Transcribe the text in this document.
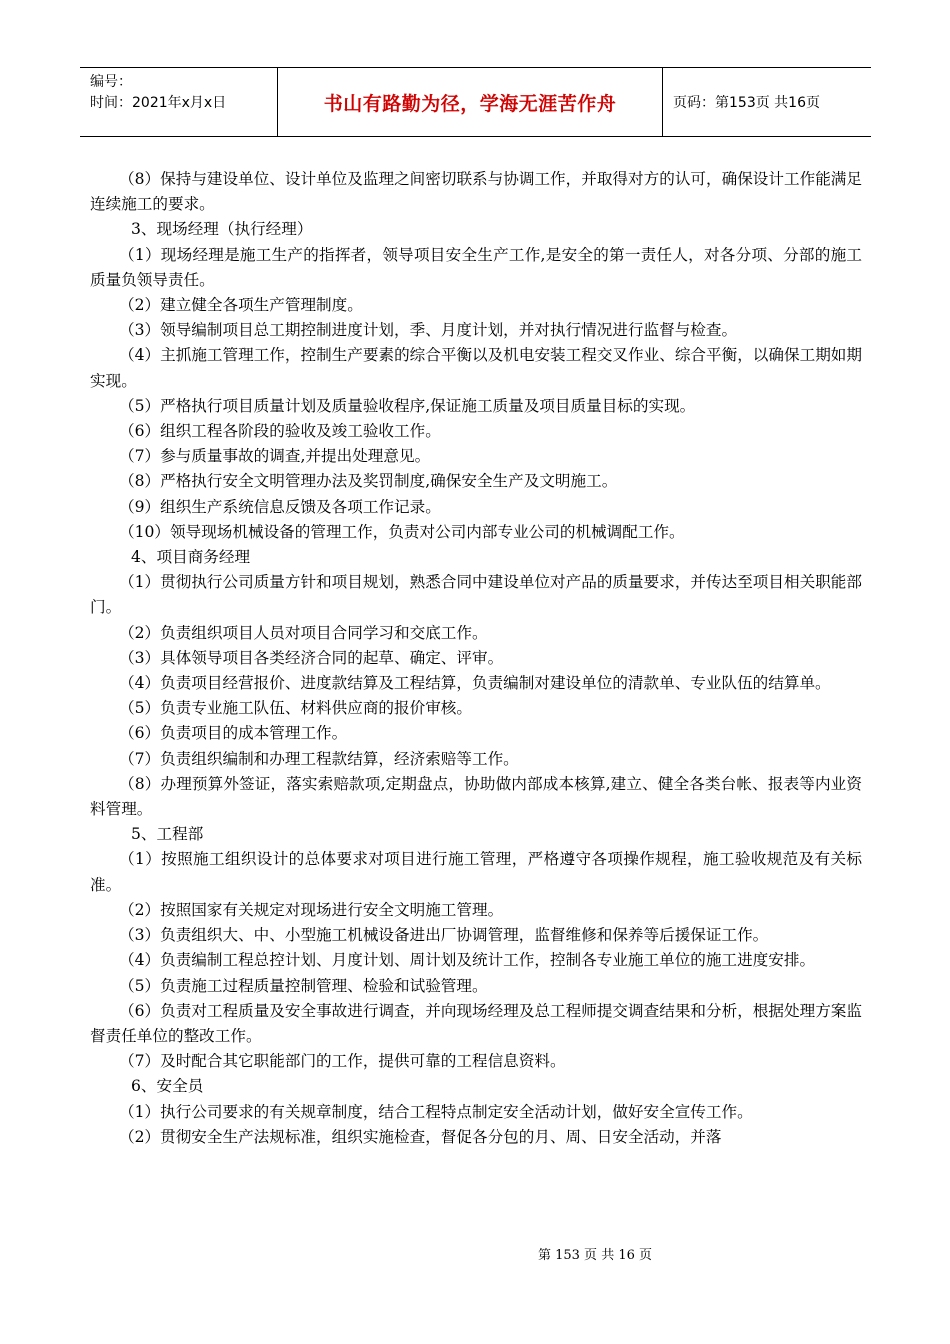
编号：
时间：2021年x月x日	书山有路勤为径，学海无涯苦作舟	页码：第153页 共16页

（8）保持与建设单位、设计单位及监理之间密切联系与协调工作，并取得对方的认可，确保设计工作能满足连续施工的要求。

3、现场经理（执行经理）

（1）现场经理是施工生产的指挥者，领导项目安全生产工作,是安全的第一责任人，对各分项、分部的施工质量负领导责任。

（2）建立健全各项生产管理制度。

（3）领导编制项目总工期控制进度计划，季、月度计划，并对执行情况进行监督与检查。

（4）主抓施工管理工作，控制生产要素的综合平衡以及机电安装工程交叉作业、综合平衡，以确保工期如期实现。

（5）严格执行项目质量计划及质量验收程序,保证施工质量及项目质量目标的实现。

（6）组织工程各阶段的验收及竣工验收工作。

（7）参与质量事故的调查,并提出处理意见。

（8）严格执行安全文明管理办法及奖罚制度,确保安全生产及文明施工。

（9）组织生产系统信息反馈及各项工作记录。

（10）领导现场机械设备的管理工作，负责对公司内部专业公司的机械调配工作。

4、项目商务经理

（1）贯彻执行公司质量方针和项目规划，熟悉合同中建设单位对产品的质量要求，并传达至项目相关职能部门。

（2）负责组织项目人员对项目合同学习和交底工作。

（3）具体领导项目各类经济合同的起草、确定、评审。

（4）负责项目经营报价、进度款结算及工程结算，负责编制对建设单位的清款单、专业队伍的结算单。

（5）负责专业施工队伍、材料供应商的报价审核。

（6）负责项目的成本管理工作。

（7）负责组织编制和办理工程款结算，经济索赔等工作。

（8）办理预算外签证，落实索赔款项,定期盘点，协助做内部成本核算,建立、健全各类台帐、报表等内业资料管理。

5、工程部

（1）按照施工组织设计的总体要求对项目进行施工管理，严格遵守各项操作规程，施工验收规范及有关标准。

（2）按照国家有关规定对现场进行安全文明施工管理。

（3）负责组织大、中、小型施工机械设备进出厂协调管理，监督维修和保养等后援保证工作。

（4）负责编制工程总控计划、月度计划、周计划及统计工作，控制各专业施工单位的施工进度安排。

（5）负责施工过程质量控制管理、检验和试验管理。

（6）负责对工程质量及安全事故进行调查，并向现场经理及总工程师提交调查结果和分析，根据处理方案监督责任单位的整改工作。

（7）及时配合其它职能部门的工作，提供可靠的工程信息资料。

6、安全员

（1）执行公司要求的有关规章制度，结合工程特点制定安全活动计划，做好安全宣传工作。

（2）贯彻安全生产法规标准，组织实施检查，督促各分包的月、周、日安全活动，并落

第 153 页 共 16 页
